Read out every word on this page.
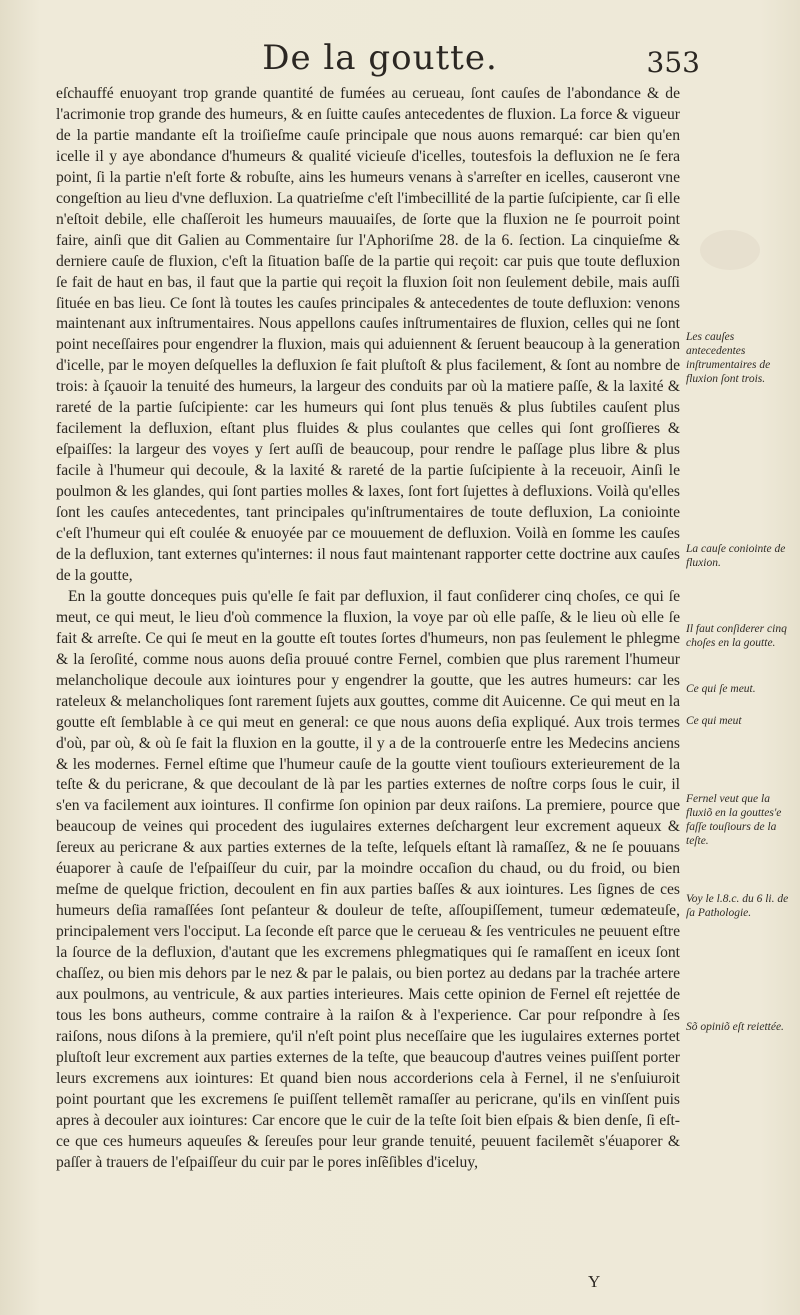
De la goutte.	353

eſchauffé enuoyant trop grande quantité de fumées au cerueau, ſont cauſes de l'abondance & de l'acrimonie trop grande des humeurs, & en ſuitte cauſes antecedentes de fluxion. La force & vigueur de la partie mandante eſt la troiſieſme cauſe principale que nous auons remarqué: car bien qu'en icelle il y aye abondance d'humeurs & qualité vicieuſe d'icelles, toutesfois la defluxion ne ſe fera point, ſi la partie n'eſt forte & robuſte, ains les humeurs venans à s'arreſter en icelles, causeront vne congeſtion au lieu d'vne defluxion. La quatrieſme c'eſt l'imbecillité de la partie ſuſcipiente, car ſi elle n'eſtoit debile, elle chaſſeroit les humeurs mauuaiſes, de ſorte que la fluxion ne ſe pourroit point faire, ainſi que dit Galien au Commentaire ſur l'Aphoriſme 28. de la 6. ſection. La cinquieſme & derniere cauſe de fluxion, c'eſt la ſituation baſſe de la partie qui reçoit: car puis que toute defluxion ſe fait de haut en bas, il faut que la partie qui reçoit la fluxion ſoit non ſeulement debile, mais auſſi ſituée en bas lieu. Ce ſont là toutes les cauſes principales & antecedentes de toute defluxion: venons maintenant aux inſtrumentaires. Nous appellons cauſes inſtrumentaires de fluxion, celles qui ne ſont point neceſſaires pour engendrer la fluxion, mais qui aduiennent & ſeruent beaucoup à la generation d'icelle, par le moyen deſquelles la defluxion ſe fait pluſtoſt & plus facilement, & ſont au nombre de trois: à ſçauoir la tenuité des humeurs, la largeur des conduits par où la matiere paſſe, & la laxité & rareté de la partie ſuſcipiente: car les humeurs qui ſont plus tenuës & plus ſubtiles cauſent plus facilement la defluxion, eſtant plus fluides & plus coulantes que celles qui ſont groſſieres & eſpaiſſes: la largeur des voyes y ſert auſſi de beaucoup, pour rendre le paſſage plus libre & plus facile à l'humeur qui decoule, & la laxité & rareté de la partie ſuſcipiente à la receuoir, Ainſi le poulmon & les glandes, qui ſont parties molles & laxes, ſont fort ſujettes à defluxions. Voilà qu'elles ſont les cauſes antecedentes, tant principales qu'inſtrumentaires de toute defluxion, La coniointe c'eſt l'humeur qui eſt coulée & enuoyée par ce mouuement de defluxion. Voilà en ſomme les cauſes de la defluxion, tant externes qu'internes: il nous faut maintenant rapporter cette doctrine aux cauſes de la goutte,

En la goutte donceques puis qu'elle ſe fait par defluxion, il faut conſiderer cinq choſes, ce qui ſe meut, ce qui meut, le lieu d'où commence la fluxion, la voye par où elle paſſe, & le lieu où elle ſe fait & arreſte. Ce qui ſe meut en la goutte eſt toutes ſortes d'humeurs, non pas ſeulement le phlegme & la ſeroſité, comme nous auons deſia prouué contre Fernel, combien que plus rarement l'humeur melancholique decoule aux iointures pour y engendrer la goutte, que les autres humeurs: car les rateleux & melancholiques ſont rarement ſujets aux gouttes, comme dit Auicenne. Ce qui meut en la goutte eſt ſemblable à ce qui meut en general: ce que nous auons deſia expliqué. Aux trois termes d'où, par où, & où ſe fait la fluxion en la goutte, il y a de la controuerſe entre les Medecins anciens & les modernes. Fernel eſtime que l'humeur cauſe de la goutte vient touſiours exterieurement de la teſte & du pericrane, & que decoulant de là par les parties externes de noſtre corps ſous le cuir, il s'en va facilement aux iointures. Il confirme ſon opinion par deux raiſons. La premiere, pource que beaucoup de veines qui procedent des iugulaires externes deſchargent leur excrement aqueux & ſereux au pericrane & aux parties externes de la teſte, leſquels eſtant là ramaſſez, & ne ſe pouuans éuaporer à cauſe de l'eſpaiſſeur du cuir, par la moindre occaſion du chaud, ou du froid, ou bien meſme de quelque friction, decoulent en fin aux parties baſſes & aux iointures. Les ſignes de ces humeurs deſia ramaſſées ſont peſanteur & douleur de teſte, aſſoupiſſement, tumeur œdemateuſe, principalement vers l'occiput. La ſeconde eſt parce que le cerueau & ſes ventricules ne peuuent eſtre la ſource de la defluxion, d'autant que les excremens phlegmatiques qui ſe ramaſſent en iceux ſont chaſſez, ou bien mis dehors par le nez & par le palais, ou bien portez au dedans par la trachée artere aux poulmons, au ventricule, & aux parties interieures. Mais cette opinion de Fernel eſt rejettée de tous les bons autheurs, comme contraire à la raiſon & à l'experience. Car pour reſpondre à ſes raiſons, nous diſons à la premiere, qu'il n'eſt point plus neceſſaire que les iugulaires externes portet pluſtoſt leur excrement aux parties externes de la teſte, que beaucoup d'autres veines puiſſent porter leurs excremens aux iointures: Et quand bien nous accorderions cela à Fernel, il ne s'enſuiuroit point pourtant que les excremens ſe puiſſent tellemẽt ramaſſer au pericrane, qu'ils en vinſſent puis apres à decouler aux iointures: Car encore que le cuir de la teſte ſoit bien eſpais & bien denſe, ſi eſt-ce que ces humeurs aqueuſes & ſereuſes pour leur grande tenuité, peuuent facilemẽt s'éuaporer & paſſer à trauers de l'eſpaiſſeur du cuir par le pores inſẽſibles d'iceluy,

Les cauſes antecedentes inſtrumentaires de fluxion ſont trois.
La cauſe coniointe de fluxion.
Il faut conſiderer cinq choſes en la goutte.
Ce qui ſe meut.
Ce qui meut
Fernel veut que la fluxiõ en la gouttes'e faſſe touſiours de la teſte.
Voy le l.8.c. du 6 li. de ſa Pathologie.
Sõ opiniõ eſt reiettée.
Y
